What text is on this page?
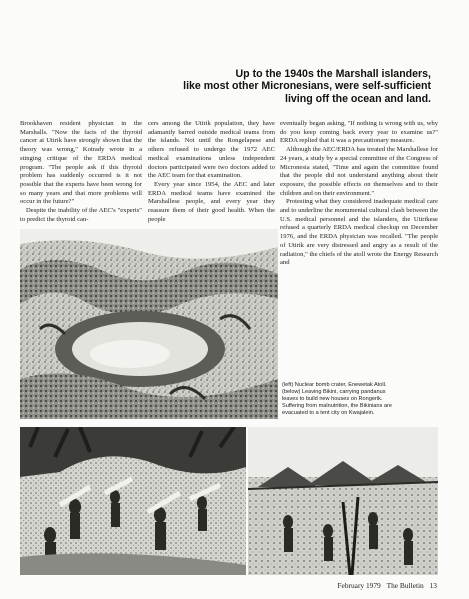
Up to the 1940s the Marshall islanders,
like most other Micronesians, were self-sufficient
living off the ocean and land.

Brookhaven resident physician in the Marshalls. "Now the facts of the thyroid cancer at Utirik have strongly shown that the theory was wrong," Kotrady wrote in a stinging critique of the ERDA medical program. "The people ask if this thyroid problem has suddenly occurred is it not possible that the experts have been wrong for so many years and that more problems will occur in the future?"

Despite the inability of the AEC's "experts" to predict the thyroid can-

cers among the Utirik population, they have adamantly barred outside medical teams from the islands. Not until the Rongelapese and others refused to undergo the 1972 AEC medical examinations unless independent doctors participated were two doctors added to the AEC team for that examination.

Every year since 1954, the AEC and later ERDA medical teams have examined the Marshallese people, and every year they reassure them of their good health. When the people

eventually began asking, "If nothing is wrong with us, why do you keep coming back every year to examine us?" ERDA replied that it was a precautionary measure.

Although the AEC/ERDA has treated the Marshallese for 24 years, a study by a special committee of the Congress of Micronesia stated, "Time and again the committee found that the people did not understand anything about their exposure, the possible effects on themselves and to their children and on their environment."

Protesting what they considered inadequate medical care and to underline the monumental cultural clash between the U.S. medical personnel and the islanders, the Utirikese refused a quarterly ERDA medical checkup on December 1976, and the ERDA physician was recalled. "The people of Utirik are very distressed and angry as a result of the radiation," the chiefs of the atoll wrote the Energy Research and

(left) Nuclear bomb crater, Enewetak Atoll. (below) Leaving Bikini, carrying pandanus leaves to build new houses on Rongerik. Suffering from malnutrition, the Bikinians are evacuated to a tent city on Kwajalein.
February 1979 The Bulletin 13
